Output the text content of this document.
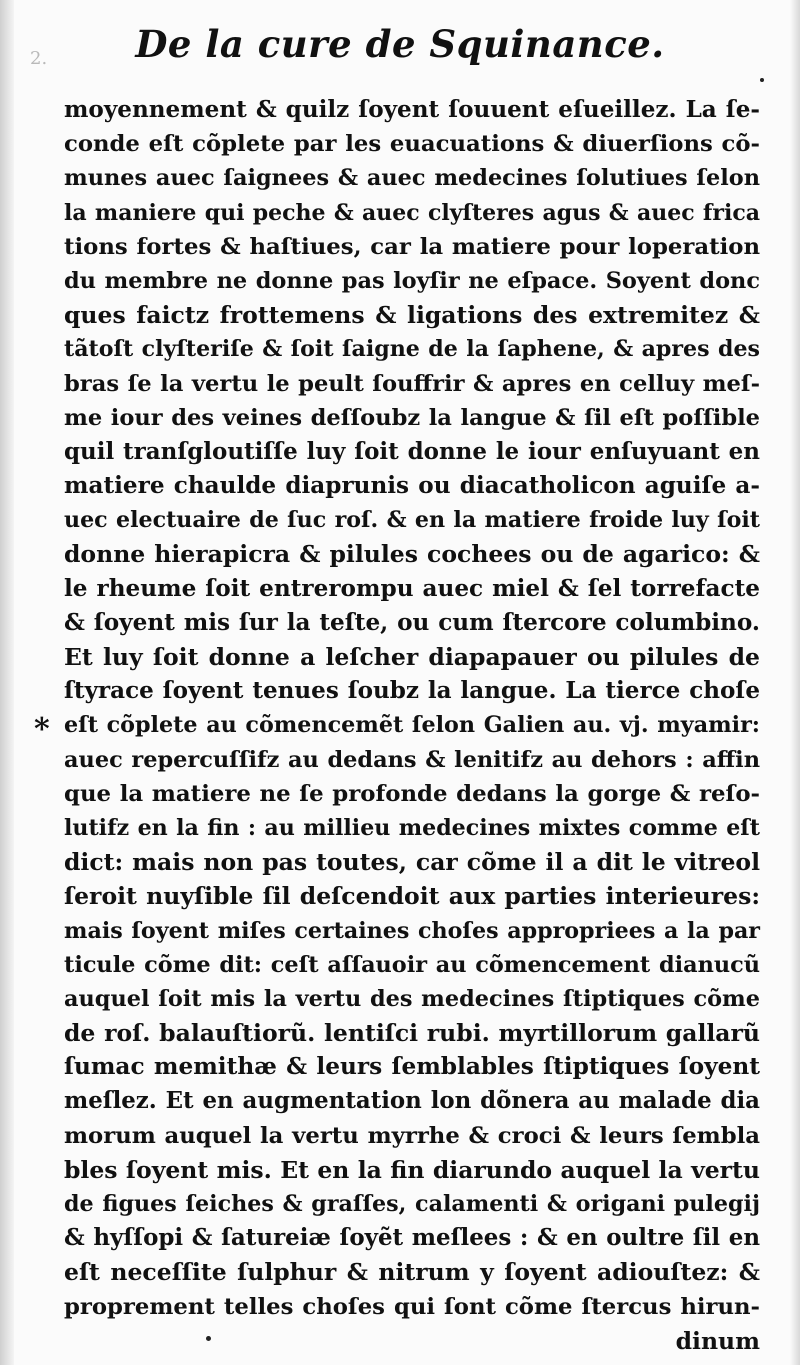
2.	De la cure de Squinance.
*
moyennement & quilz ſoyent ſouuent eſueillez. La ſe-
conde eſt cõplete par les euacuations & diuerſions cõ-
munes auec ſaignees & auec medecines ſolutiues ſelon
la maniere qui peche & auec clyſteres agus & auec frica
tions fortes & haſtiues, car la matiere pour loperation
du membre ne donne pas loyſir ne eſpace. Soyent donc
ques faictz frottemens & ligations des extremitez &
tãtoſt clyſteriſe & ſoit ſaigne de la ſaphene, & apres des
bras ſe la vertu le peult ſouffrir & apres en celluy meſ-
me iour des veines deſſoubz la langue & ſil eſt poſſible
quil tranſgloutiſſe luy ſoit donne le iour enſuyuant en
matiere chaulde diaprunis ou diacatholicon aguiſe a-
uec electuaire de ſuc roſ. & en la matiere froide luy ſoit
donne hierapicra & pilules cochees ou de agarico: &
le rheume ſoit entrerompu auec miel & ſel torrefacte
& ſoyent mis ſur la teſte, ou cum ſtercore columbino.
Et luy ſoit donne a leſcher diapapauer ou pilules de
ſtyrace ſoyent tenues ſoubz la langue. La tierce choſe
eſt cõplete au cõmencemẽt ſelon Galien au. vj. myamir:
auec repercuſſifz au dedans & lenitifz au dehors : affin
que la matiere ne ſe profonde dedans la gorge & reſo-
lutifz en la fin : au millieu medecines mixtes comme eſt
dict: mais non pas toutes, car cõme il a dit le vitreol
ſeroit nuyſible ſil deſcendoit aux parties interieures:
mais ſoyent miſes certaines choſes appropriees a la par
ticule cõme dit: ceſt aſſauoir au cõmencement dianucũ
auquel ſoit mis la vertu des medecines ſtiptiques cõme
de roſ. balauſtiorũ. lentiſci rubi. myrtillorum gallarũ
ſumac memithæ & leurs ſemblables ſtiptiques ſoyent
meſlez. Et en augmentation lon dõnera au malade dia
morum auquel la vertu myrrhe & croci & leurs ſembla
bles ſoyent mis. Et en la fin diarundo auquel la vertu
de figues ſeiches & graſſes, calamenti & origani pulegij
& hyſſopi & ſatureiæ ſoyẽt meſlees : & en oultre ſil en
eſt neceſſite ſulphur & nitrum y ſoyent adiouſtez: &
proprement telles choſes qui ſont cõme ſtercus hirun-
dinum
